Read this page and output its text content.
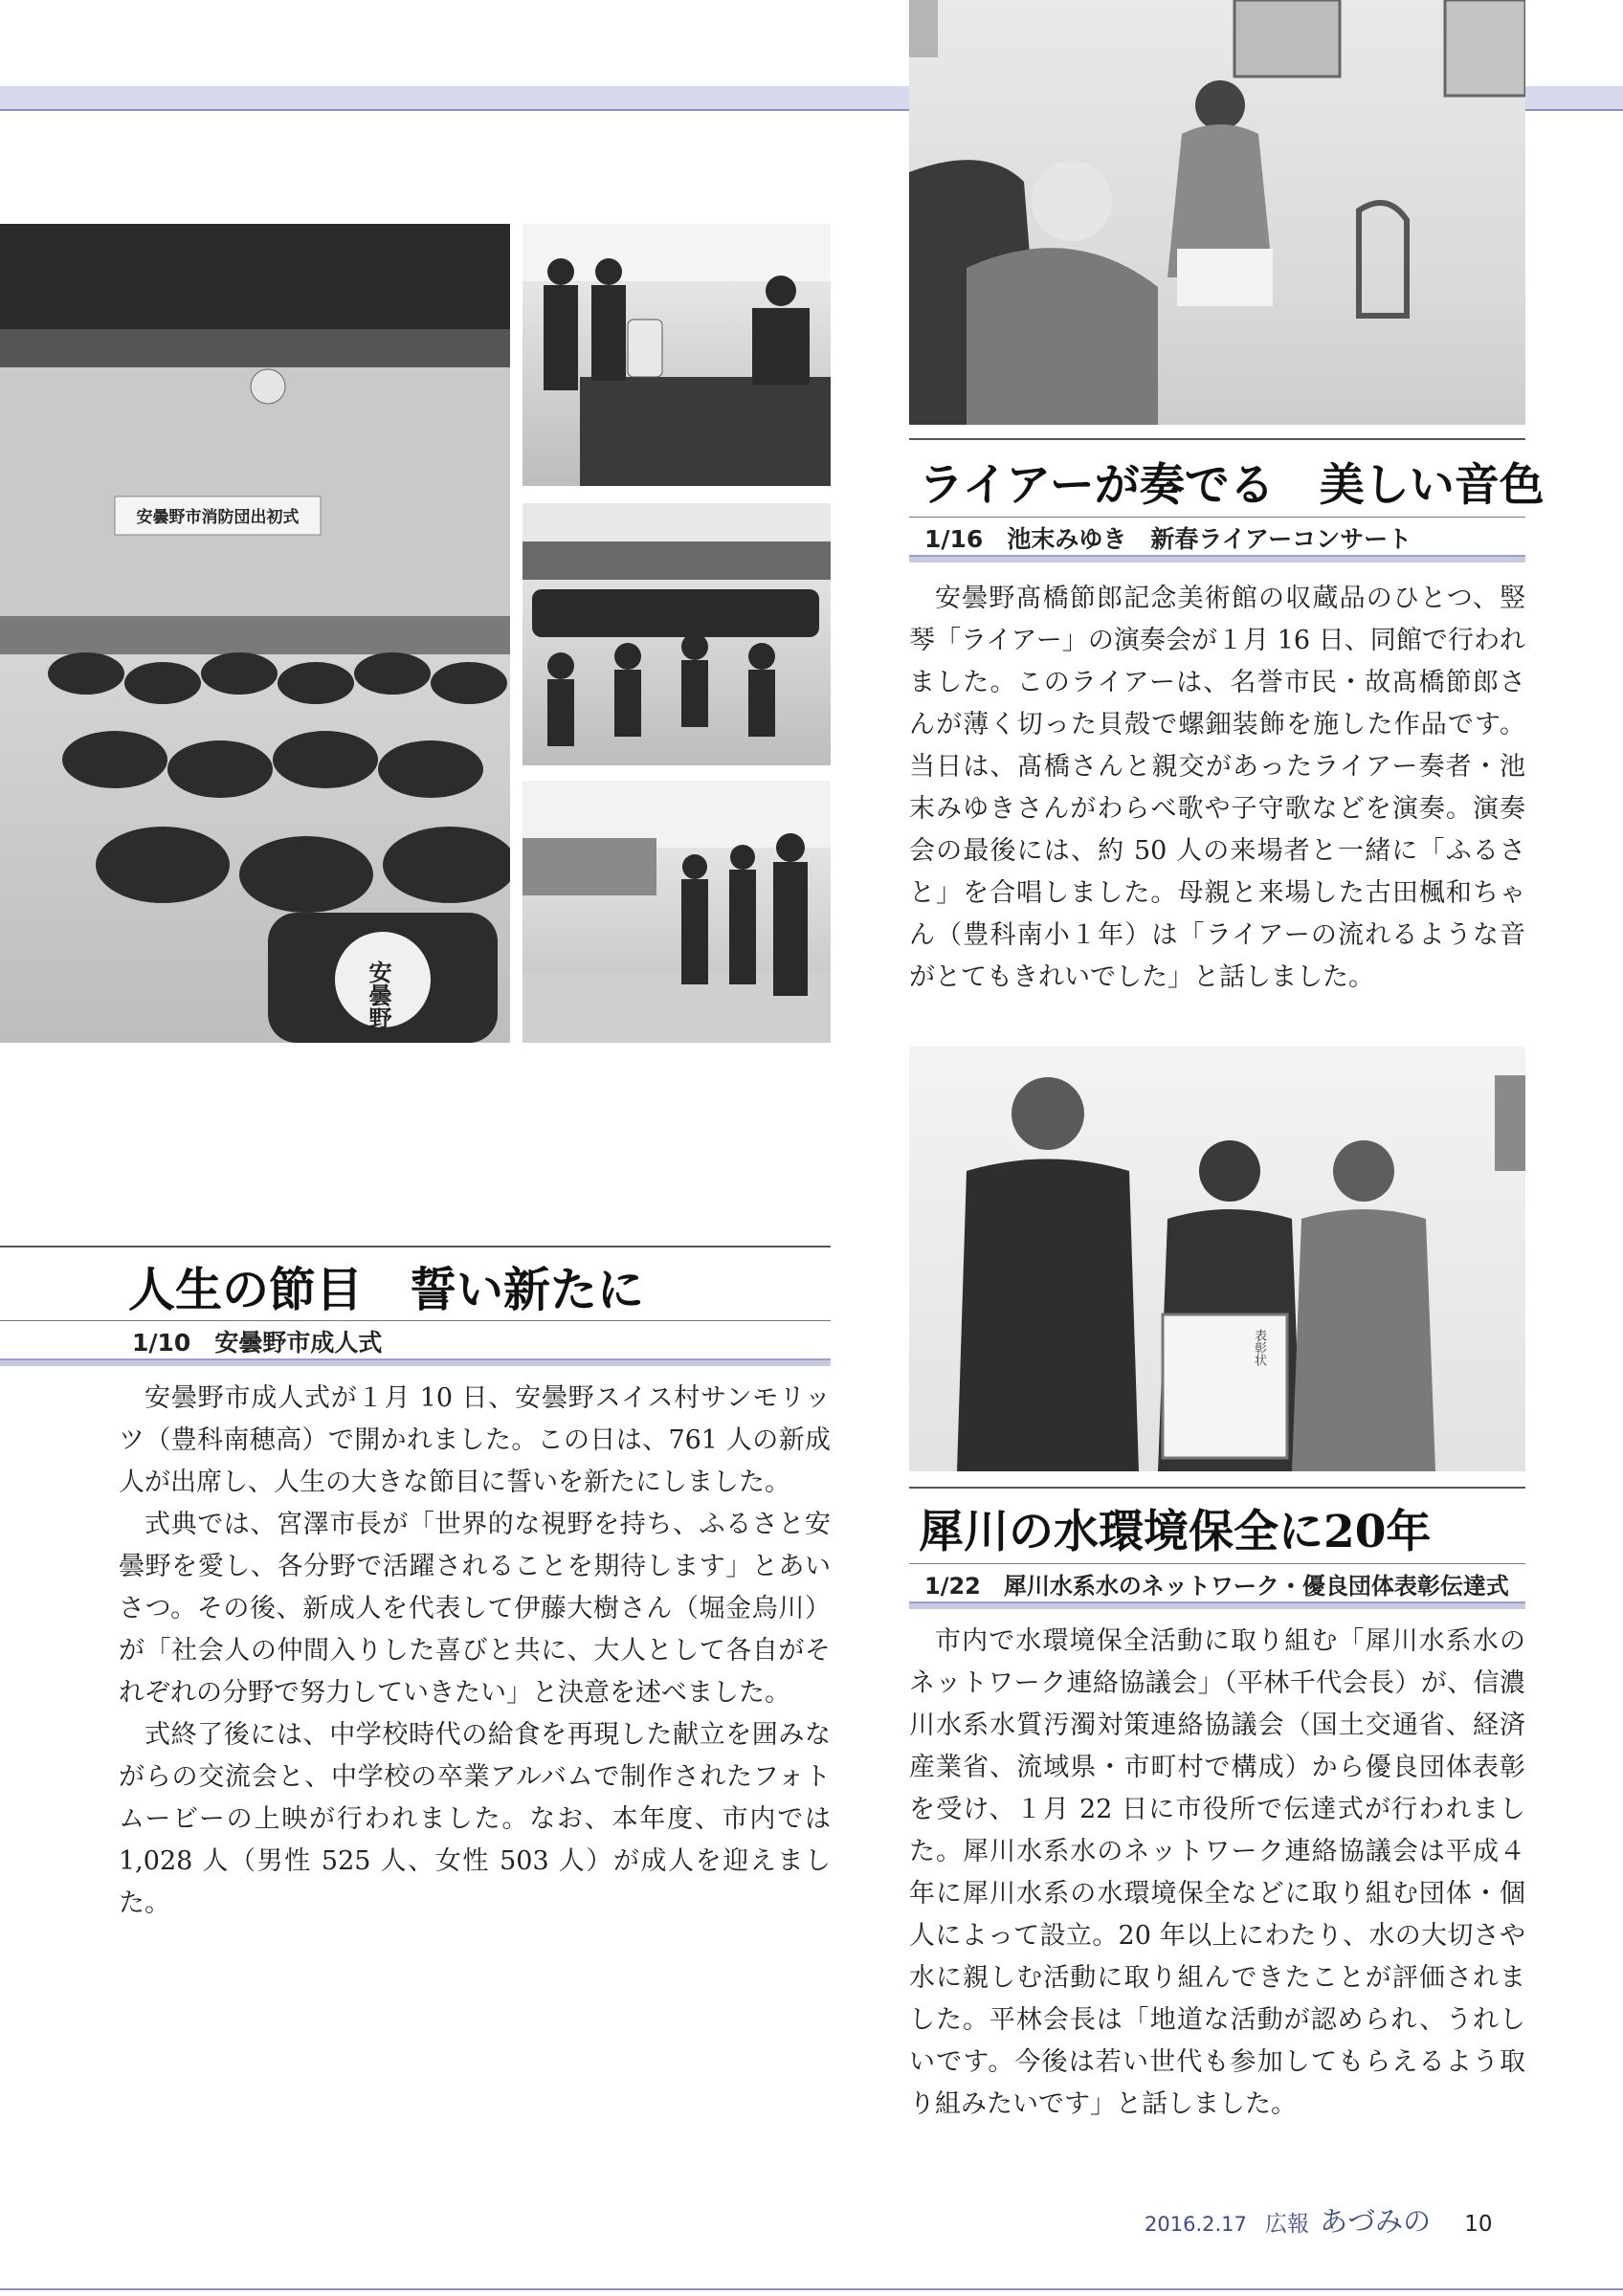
安曇野市消防団出初式
安曇野
表彰状
ライアーが奏でる　美しい音色
1/16　池末みゆき　新春ライアーコンサート

安曇野髙橋節郎記念美術館の収蔵品のひとつ、竪琴「ライアー」の演奏会が１月 16 日、同館で行われました。このライアーは、名誉市民・故髙橋節郎さんが薄く切った貝殻で螺鈿装飾を施した作品です。当日は、髙橋さんと親交があったライアー奏者・池末みゆきさんがわらべ歌や子守歌などを演奏。演奏会の最後には、約 50 人の来場者と一緒に「ふるさと」を合唱しました。母親と来場した古田楓和ちゃん（豊科南小１年）は「ライアーの流れるような音がとてもきれいでした」と話しました。

人生の節目　誓い新たに
1/10　安曇野市成人式

安曇野市成人式が１月 10 日、安曇野スイス村サンモリッツ（豊科南穂高）で開かれました。この日は、761 人の新成人が出席し、人生の大きな節目に誓いを新たにしました。

式典では、宮澤市長が「世界的な視野を持ち、ふるさと安曇野を愛し、各分野で活躍されることを期待します」とあいさつ。その後、新成人を代表して伊藤大樹さん（堀金烏川）が「社会人の仲間入りした喜びと共に、大人として各自がそれぞれの分野で努力していきたい」と決意を述べました。

式終了後には、中学校時代の給食を再現した献立を囲みながらの交流会と、中学校の卒業アルバムで制作されたフォトムービーの上映が行われました。なお、本年度、市内では 1,028 人（男性 525 人、女性 503 人）が成人を迎えました。

犀川の水環境保全に20年
1/22　犀川水系水のネットワーク・優良団体表彰伝達式

市内で水環境保全活動に取り組む「犀川水系水のネットワーク連絡協議会」（平林千代会長）が、信濃川水系水質汚濁対策連絡協議会（国土交通省、経済産業省、流域県・市町村で構成）から優良団体表彰を受け、１月 22 日に市役所で伝達式が行われました。犀川水系水のネットワーク連絡協議会は平成４年に犀川水系の水環境保全などに取り組む団体・個人によって設立。20 年以上にわたり、水の大切さや水に親しむ活動に取り組んできたことが評価されました。平林会長は「地道な活動が認められ、うれしいです。今後は若い世代も参加してもらえるよう取り組みたいです」と話しました。

2016.2.17 広報 あづみの 10
